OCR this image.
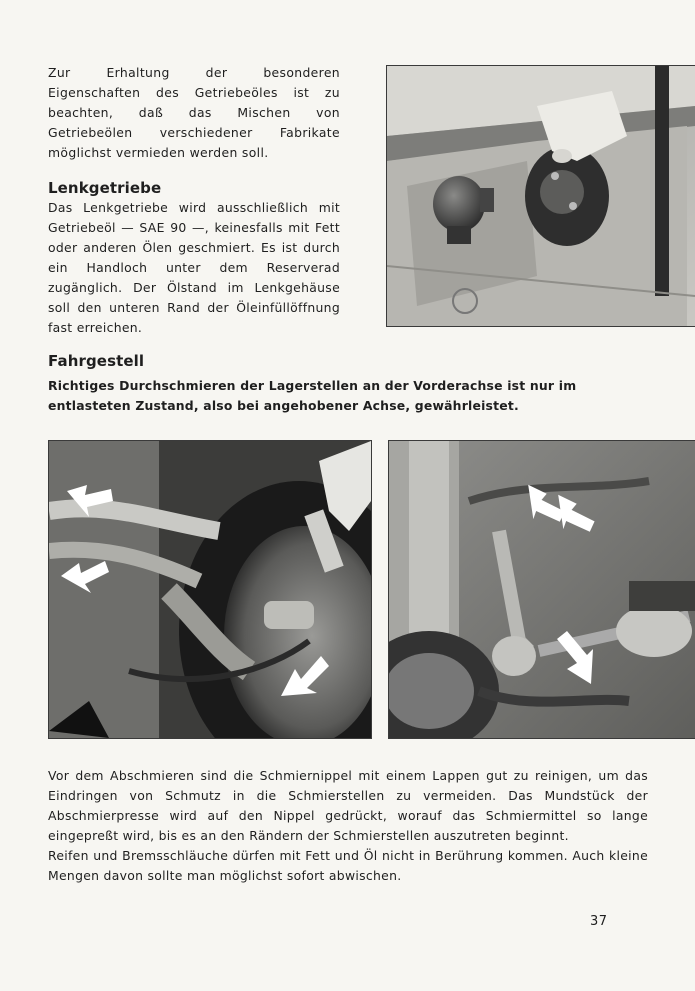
Zur Erhaltung der besonderen Eigenschaften des Getriebeöles ist zu beachten, daß das Mischen von Getriebeölen verschiedener Fabrikate möglichst vermieden werden soll.

Lenkgetriebe

Das Lenkgetriebe wird ausschließlich mit Getriebeöl — SAE 90 —, keinesfalls mit Fett oder anderen Ölen geschmiert. Es ist durch ein Handloch unter dem Reserverad zugänglich. Der Ölstand im Lenkgehäuse soll den unteren Rand der Öleinfüllöffnung fast erreichen.

Fahrgestell

Richtiges Durchschmieren der Lagerstellen an der Vorderachse ist nur im entlasteten Zustand, also bei angehobener Achse, gewährleistet.

Vor dem Abschmieren sind die Schmiernippel mit einem Lappen gut zu reinigen, um das Eindringen von Schmutz in die Schmierstellen zu vermeiden. Das Mundstück der Abschmierpresse wird auf den Nippel gedrückt, worauf das Schmiermittel so lange eingepreßt wird, bis es an den Rändern der Schmierstellen auszutreten beginnt.

Reifen und Bremsschläuche dürfen mit Fett und Öl nicht in Berührung kommen. Auch kleine Mengen davon sollte man möglichst sofort abwischen.

37
